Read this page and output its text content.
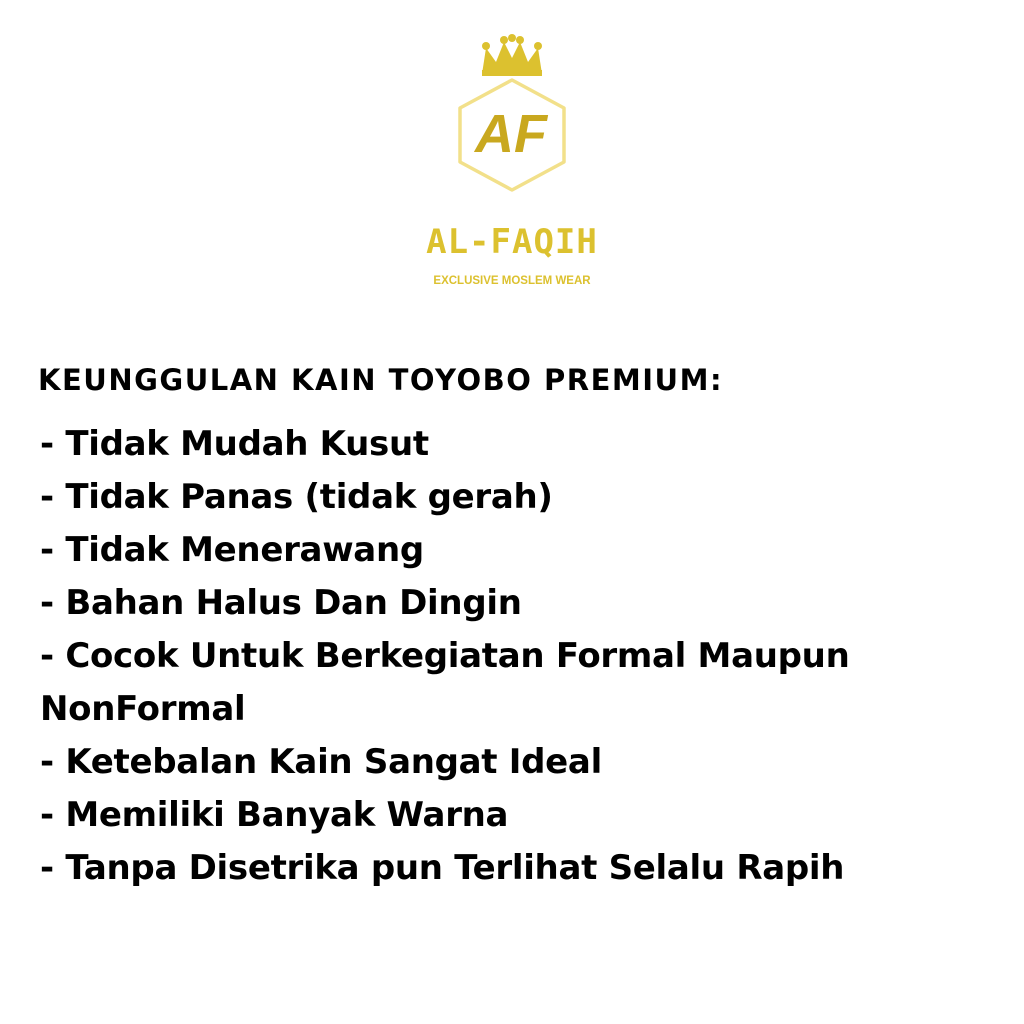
AF
AL-FAQIH
EXCLUSIVE MOSLEM WEAR
KEUNGGULAN KAIN TOYOBO PREMIUM:
- Tidak Mudah Kusut
- Tidak Panas (tidak gerah)
- Tidak Menerawang
- Bahan Halus Dan Dingin
- Cocok Untuk Berkegiatan Formal Maupun NonFormal
- Ketebalan Kain Sangat Ideal
- Memiliki Banyak Warna
- Tanpa Disetrika pun Terlihat Selalu Rapih
